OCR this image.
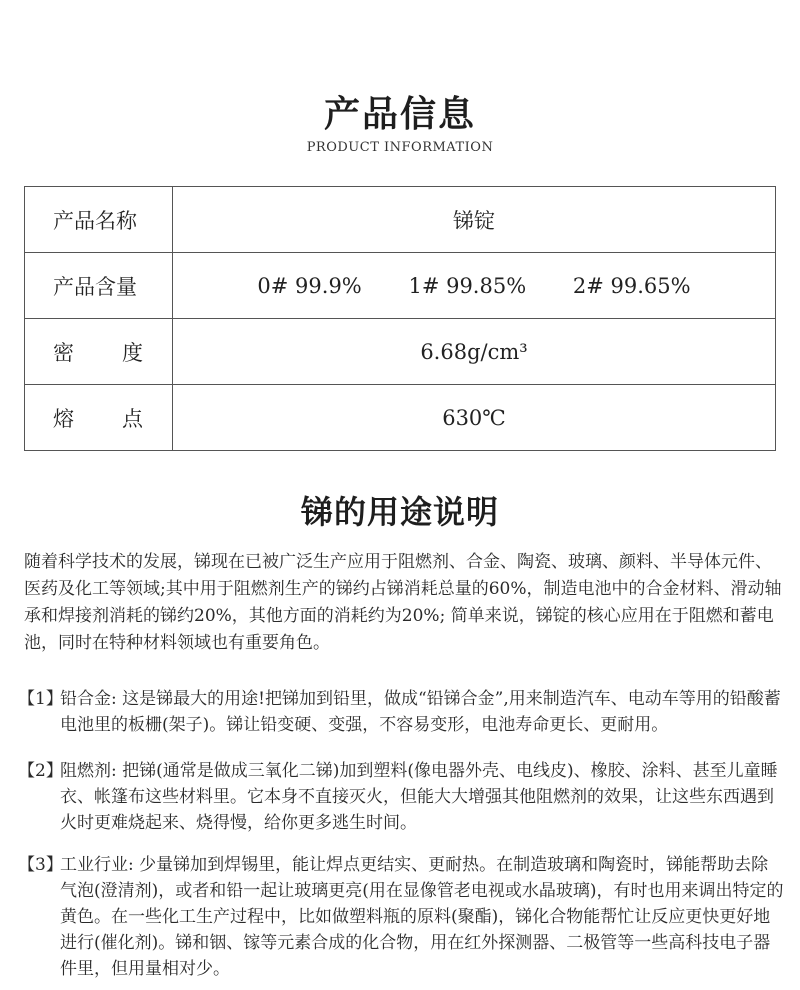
产品信息
PRODUCT INFORMATION
产品名称	锑锭

产品含量	0# 99.9% 1# 99.85% 2# 99.65%

密度	6.68g/cm³

熔点	630℃
锑的用途说明
随着科学技术的发展，锑现在已被广泛生产应用于阻燃剂、合金、陶瓷、玻璃、颜料、半导体元件、医药及化工等领域;其中用于阻燃剂生产的锑约占锑消耗总量的60%，制造电池中的合金材料、滑动轴承和焊接剂消耗的锑约20%，其他方面的消耗约为20%; 简单来说，锑锭的核心应用在于阻燃和蓄电池，同时在特种材料领域也有重要角色。
【1】
铅合金: 这是锑最大的用途!把锑加到铅里，做成“铅锑合金”,用来制造汽车、电动车等用的铅酸蓄电池里的板栅(架子)。锑让铅变硬、变强，不容易变形，电池寿命更长、更耐用。
【2】
阻燃剂: 把锑(通常是做成三氧化二锑)加到塑料(像电器外壳、电线皮)、橡胶、涂料、甚至儿童睡衣、帐篷布这些材料里。它本身不直接灭火，但能大大增强其他阻燃剂的效果，让这些东西遇到火时更难烧起来、烧得慢，给你更多逃生时间。
【3】
工业行业: 少量锑加到焊锡里，能让焊点更结实、更耐热。在制造玻璃和陶瓷时，锑能帮助去除气泡(澄清剂)，或者和铅一起让玻璃更亮(用在显像管老电视或水晶玻璃)，有时也用来调出特定的黄色。在一些化工生产过程中，比如做塑料瓶的原料(聚酯)，锑化合物能帮忙让反应更快更好地进行(催化剂)。锑和铟、镓等元素合成的化合物，用在红外探测器、二极管等一些高科技电子器件里，但用量相对少。
